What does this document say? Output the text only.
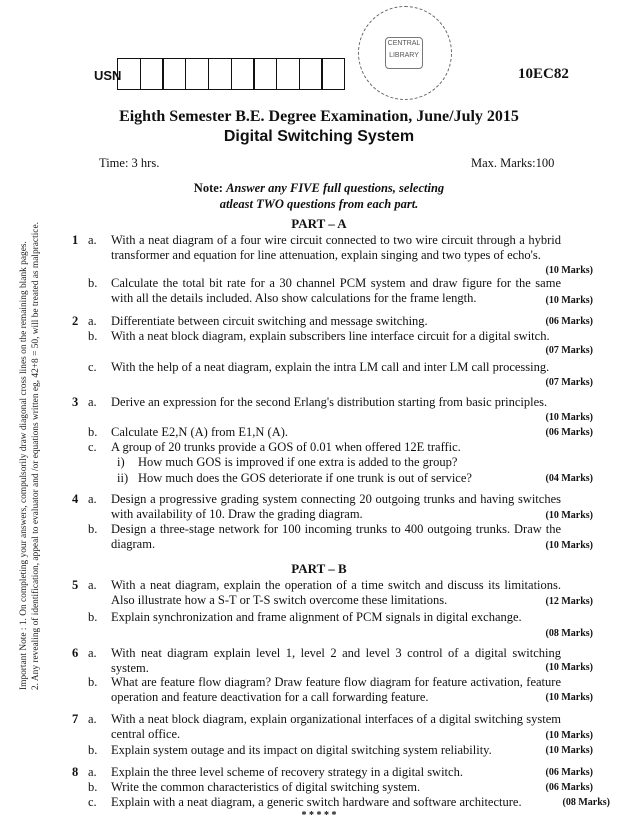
CENTRAL LIBRARY
USN	10EC82
Eighth Semester B.E. Degree Examination, June/July 2015
Digital Switching System
Time: 3 hrs.	Max. Marks:100
Note: Answer any FIVE full questions, selecting
atleast TWO questions from each part.
Important Note : 1. On completing your answers, compulsorily draw diagonal cross lines on the remaining blank pages. 2. Any revealing of identification, appeal to evaluator and /or equations written eg, 42+8 = 50, will be treated as malpractice.	PART – A
1 a. With a neat diagram of a four wire circuit connected to two wire circuit through a hybrid transformer and equation for line attenuation, explain singing and two types of echo's.
(10 Marks)
b. Calculate the total bit rate for a 30 channel PCM system and draw figure for the same with all the details included. Also show calculations for the frame length.	(10 Marks)
2 a. Differentiate between circuit switching and message switching.	(06 Marks)
b. With a neat block diagram, explain subscribers line interface circuit for a digital switch.
(07 Marks)
c. With the help of a neat diagram, explain the intra LM call and inter LM call processing.
(07 Marks)
3 a. Derive an expression for the second Erlang's distribution starting from basic principles.
(10 Marks)
b. Calculate E2,N (A) from E1,N (A).	(06 Marks)
c. A group of 20 trunks provide a GOS of 0.01 when offered 12E traffic.
i) How much GOS is improved if one extra is added to the group?
ii) How much does the GOS deteriorate if one trunk is out of service?	(04 Marks)
4 a. Design a progressive grading system connecting 20 outgoing trunks and having switches with availability of 10. Draw the grading diagram.	(10 Marks)
b. Design a three-stage network for 100 incoming trunks to 400 outgoing trunks. Draw the diagram.	(10 Marks)
PART – B
5 a. With a neat diagram, explain the operation of a time switch and discuss its limitations. Also illustrate how a S-T or T-S switch overcome these limitations.	(12 Marks)
b. Explain synchronization and frame alignment of PCM signals in digital exchange.
(08 Marks)
6 a. With neat diagram explain level 1, level 2 and level 3 control of a digital switching system.	(10 Marks)
b. What are feature flow diagram? Draw feature flow diagram for feature activation, feature operation and feature deactivation for a call forwarding feature.	(10 Marks)
7 a. With a neat block diagram, explain organizational interfaces of a digital switching system central office.	(10 Marks)
b. Explain system outage and its impact on digital switching system reliability.	(10 Marks)
8 a. Explain the three level scheme of recovery strategy in a digital switch.	(06 Marks)
b. Write the common characteristics of digital switching system.	(06 Marks)
c. Explain with a neat diagram, a generic switch hardware and software architecture.	(08 Marks)
* * * * *
